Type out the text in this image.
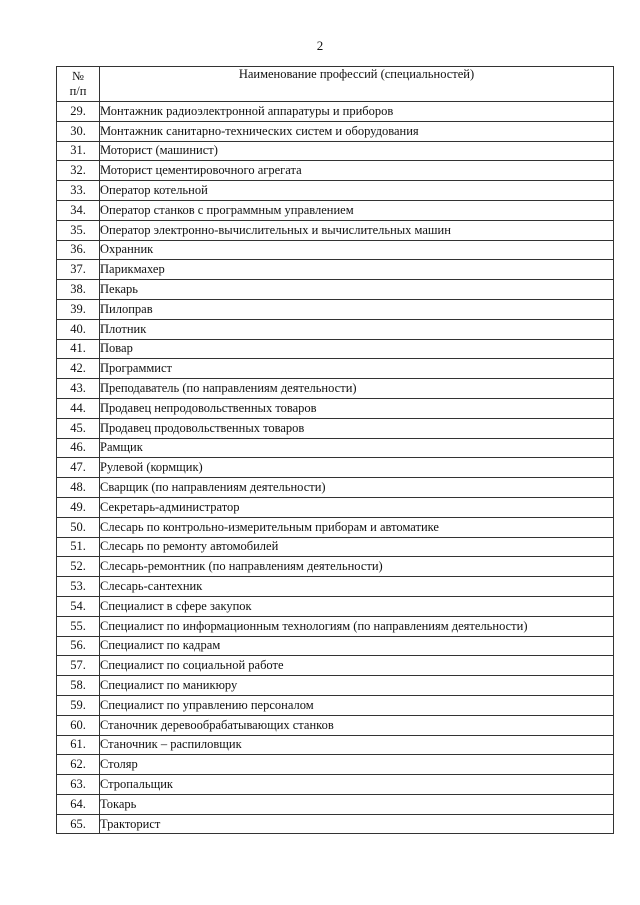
2
№
п/п	Наименование профессий (специальностей)
29.	Монтажник радиоэлектронной аппаратуры и приборов
30.	Монтажник санитарно-технических систем и оборудования
31.	Моторист (машинист)
32.	Моторист цементировочного агрегата
33.	Оператор котельной
34.	Оператор станков с программным управлением
35.	Оператор электронно-вычислительных и вычислительных машин
36.	Охранник
37.	Парикмахер
38.	Пекарь
39.	Пилоправ
40.	Плотник
41.	Повар
42.	Программист
43.	Преподаватель (по направлениям деятельности)
44.	Продавец непродовольственных товаров
45.	Продавец продовольственных товаров
46.	Рамщик
47.	Рулевой (кормщик)
48.	Сварщик (по направлениям деятельности)
49.	Секретарь-администратор
50.	Слесарь по контрольно-измерительным приборам и автоматике
51.	Слесарь по ремонту автомобилей
52.	Слесарь-ремонтник (по направлениям деятельности)
53.	Слесарь-сантехник
54.	Специалист в сфере закупок
55.	Специалист по информационным технологиям (по направлениям деятельности)
56.	Специалист по кадрам
57.	Специалист по социальной работе
58.	Специалист по маникюру
59.	Специалист по управлению персоналом
60.	Станочник деревообрабатывающих станков
61.	Станочник – распиловщик
62.	Столяр
63.	Стропальщик
64.	Токарь
65.	Тракторист
